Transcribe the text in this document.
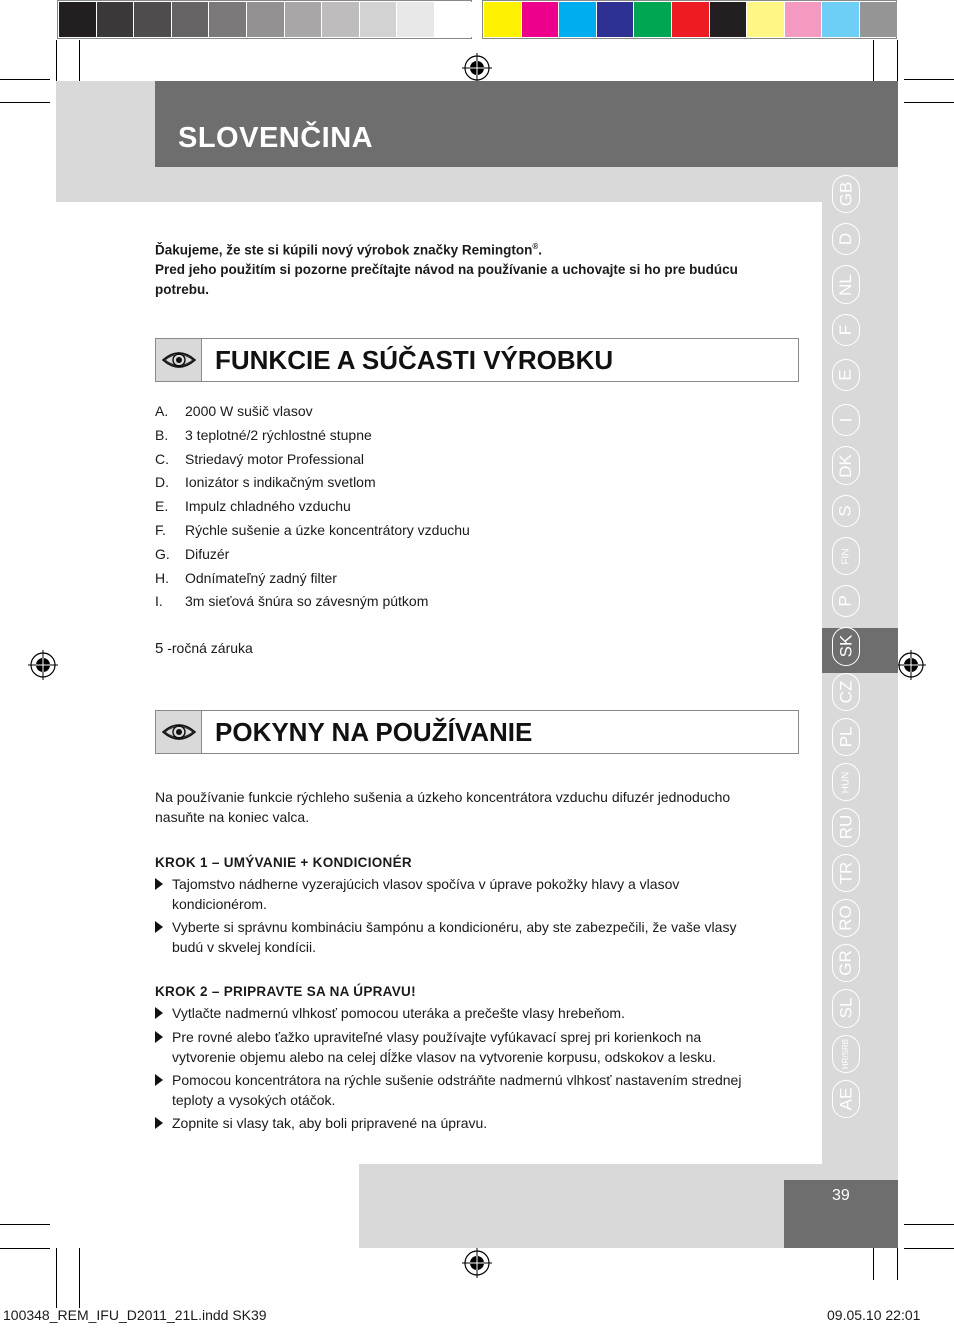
SLOVENČINA
GB
D
NL
F
E
I
DK
S
FIN
P
SK
CZ
PL
HUN
RU
TR
RO
GR
SL
HR/SRB
AE
Ďakujeme, že ste si kúpili nový výrobok značky Remington®.
Pred jeho použitím si pozorne prečítajte návod na používanie a uchovajte si ho pre budúcu potrebu.
FUNKCIE A SÚČASTI VÝROBKU
A. 2000 W sušič vlasov
B. 3 teplotné/2 rýchlostné stupne
C. Striedavý motor Professional
D. Ionizátor s indikačným svetlom
E. Impulz chladného vzduchu
F. Rýchle sušenie a úzke koncentrátory vzduchu
G. Difuzér
H. Odnímateľný zadný filter
I. 3m sieťová šnúra so závesným pútkom
5 -ročná záruka
POKYNY NA POUŽÍVANIE
Na používanie funkcie rýchleho sušenia a úzkeho koncentrátora vzduchu difuzér jednoducho nasuňte na koniec valca.
KROK 1 – UMÝVANIE + KONDICIONÉR
Tajomstvo nádherne vyzerajúcich vlasov spočíva v úprave pokožky hlavy a vlasov kondicionérom.
Vyberte si správnu kombináciu šampónu a kondicionéru, aby ste zabezpečili, že vaše vlasy budú v skvelej kondícii.
KROK 2 – PRIPRAVTE SA NA ÚPRAVU!
Vytlačte nadmernú vlhkosť pomocou uteráka a prečešte vlasy hrebeňom.
Pre rovné alebo ťažko upraviteľné vlasy používajte vyfúkavací sprej pri korienkoch na vytvorenie objemu alebo na celej dĺžke vlasov na vytvorenie korpusu, odskokov a lesku.
Pomocou koncentrátora na rýchle sušenie odstráňte nadmernú vlhkosť nastavením strednej teploty a vysokých otáčok.
Zopnite si vlasy tak, aby boli pripravené na úpravu.
39
100348_REM_IFU_D2011_21L.indd SK39	09.05.10 22:01
